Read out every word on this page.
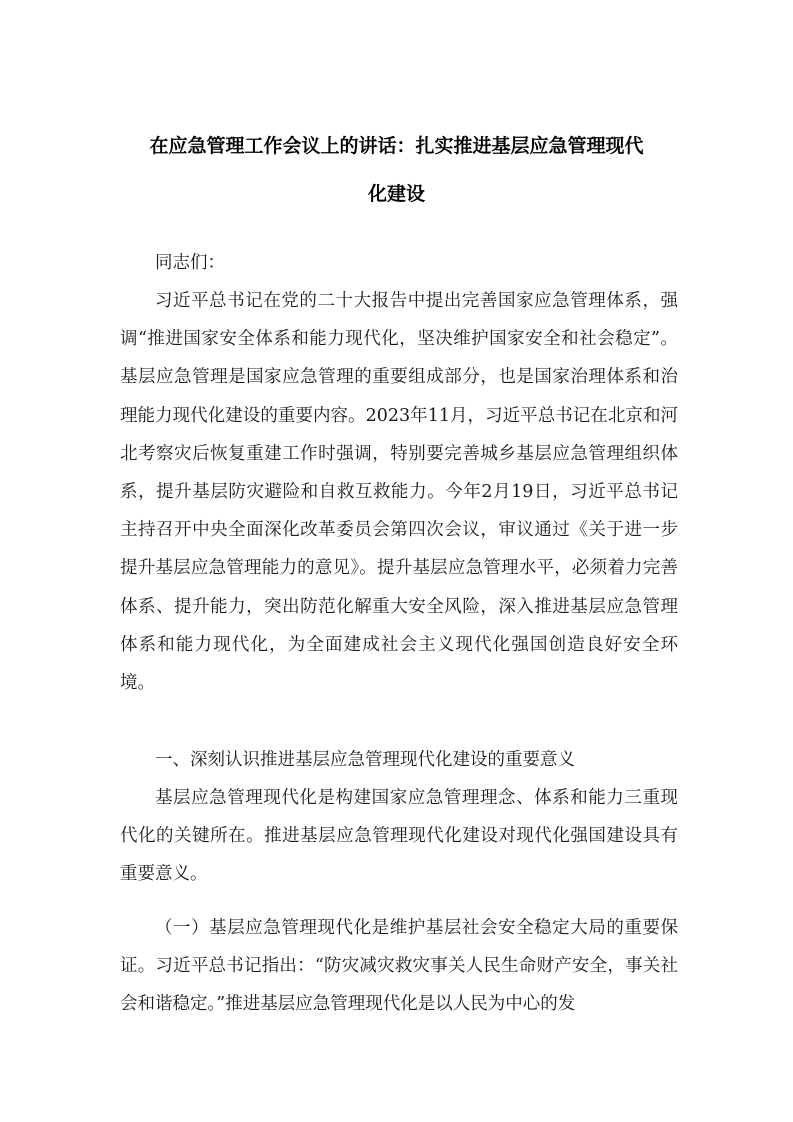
在应急管理工作会议上的讲话：扎实推进基层应急管理现代
化建设

同志们：

习近平总书记在党的二十大报告中提出完善国家应急管理体系，强调“推进国家安全体系和能力现代化，坚决维护国家安全和社会稳定”。基层应急管理是国家应急管理的重要组成部分，也是国家治理体系和治理能力现代化建设的重要内容。2023年11月，习近平总书记在北京和河北考察灾后恢复重建工作时强调，特别要完善城乡基层应急管理组织体系，提升基层防灾避险和自救互救能力。今年2月19日，习近平总书记主持召开中央全面深化改革委员会第四次会议，审议通过《关于进一步提升基层应急管理能力的意见》。提升基层应急管理水平，必须着力完善体系、提升能力，突出防范化解重大安全风险，深入推进基层应急管理体系和能力现代化，为全面建成社会主义现代化强国创造良好安全环境。

一、深刻认识推进基层应急管理现代化建设的重要意义

基层应急管理现代化是构建国家应急管理理念、体系和能力三重现代化的关键所在。推进基层应急管理现代化建设对现代化强国建设具有重要意义。

（一）基层应急管理现代化是维护基层社会安全稳定大局的重要保证。习近平总书记指出：“防灾减灾救灾事关人民生命财产安全，事关社会和谐稳定。”推进基层应急管理现代化是以人民为中心的发
